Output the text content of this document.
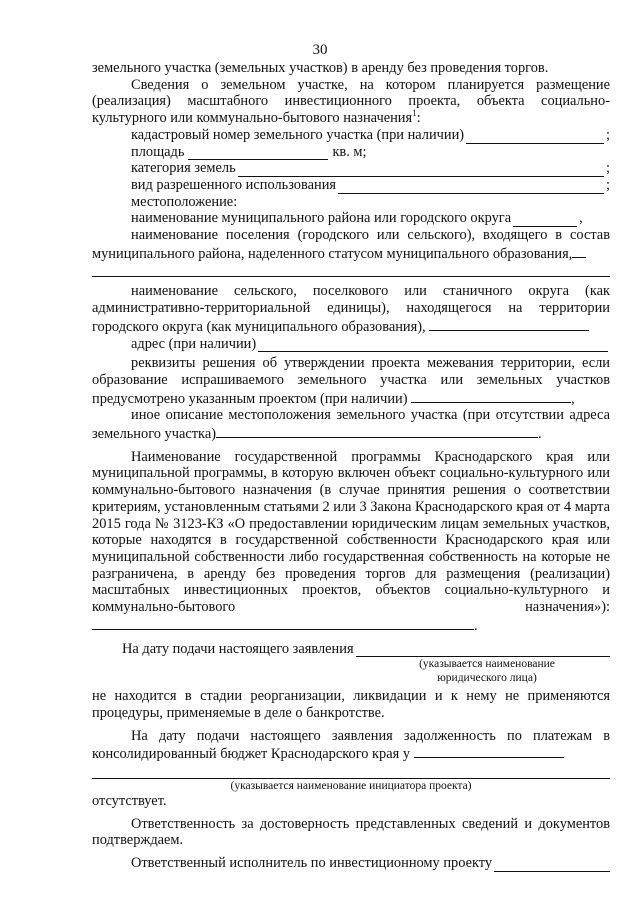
30

земельного участка (земельных участков) в аренду без проведения торгов.

Сведения о земельном участке, на котором планируется размещение (реализация) масштабного инвестиционного проекта, объекта социально-культурного или коммунально-бытового назначения$^1$:

кадастровый номер земельного участка (при наличии)	;
площадь	кв. м;
категория земель	;
вид разрешенного использования	;

местоположение:

наименование муниципального района или городского округа	,

наименование поселения (городского или сельского), входящего в состав муниципального района, наделенного статусом муниципального образования,

наименование сельского, поселкового или станичного округа (как административно-территориальной единицы), находящегося на территории городского округа (как муниципального образования),

адрес (при наличии)

реквизиты решения об утверждении проекта межевания территории, если образование испрашиваемого земельного участка или земельных участков предусмотрено указанным проектом (при наличии)	,

иное описание местоположения земельного участка (при отсутствии адреса земельного участка)	.

Наименование государственной программы Краснодарского края или муниципальной программы, в которую включен объект социально-культурного или коммунально-бытового назначения (в случае принятия решения о соответствии критериям, установленным статьями 2 или 3 Закона Краснодарского края от 4 марта 2015 года № 3123-КЗ «О предоставлении юридическим лицам земельных участков, которые находятся в государственной собственности Краснодарского края или муниципальной собственности либо государственная собственность на которые не разграничена, в аренду без проведения торгов для размещения (реализации) масштабных инвестиционных проектов, объектов социально-культурного и коммунально-бытового назначения»):.

На дату подачи настоящего заявления
(указывается наименование
юридического лица)

не находится в стадии реорганизации, ликвидации и к нему не применяются процедуры, применяемые в деле о банкротстве.

На дату подачи настоящего заявления задолженность по платежам в консолидированный бюджет Краснодарского края у

(указывается наименование инициатора проекта)

отсутствует.

Ответственность за достоверность представленных сведений и документов подтверждаем.

Ответственный исполнитель по инвестиционному проекту
